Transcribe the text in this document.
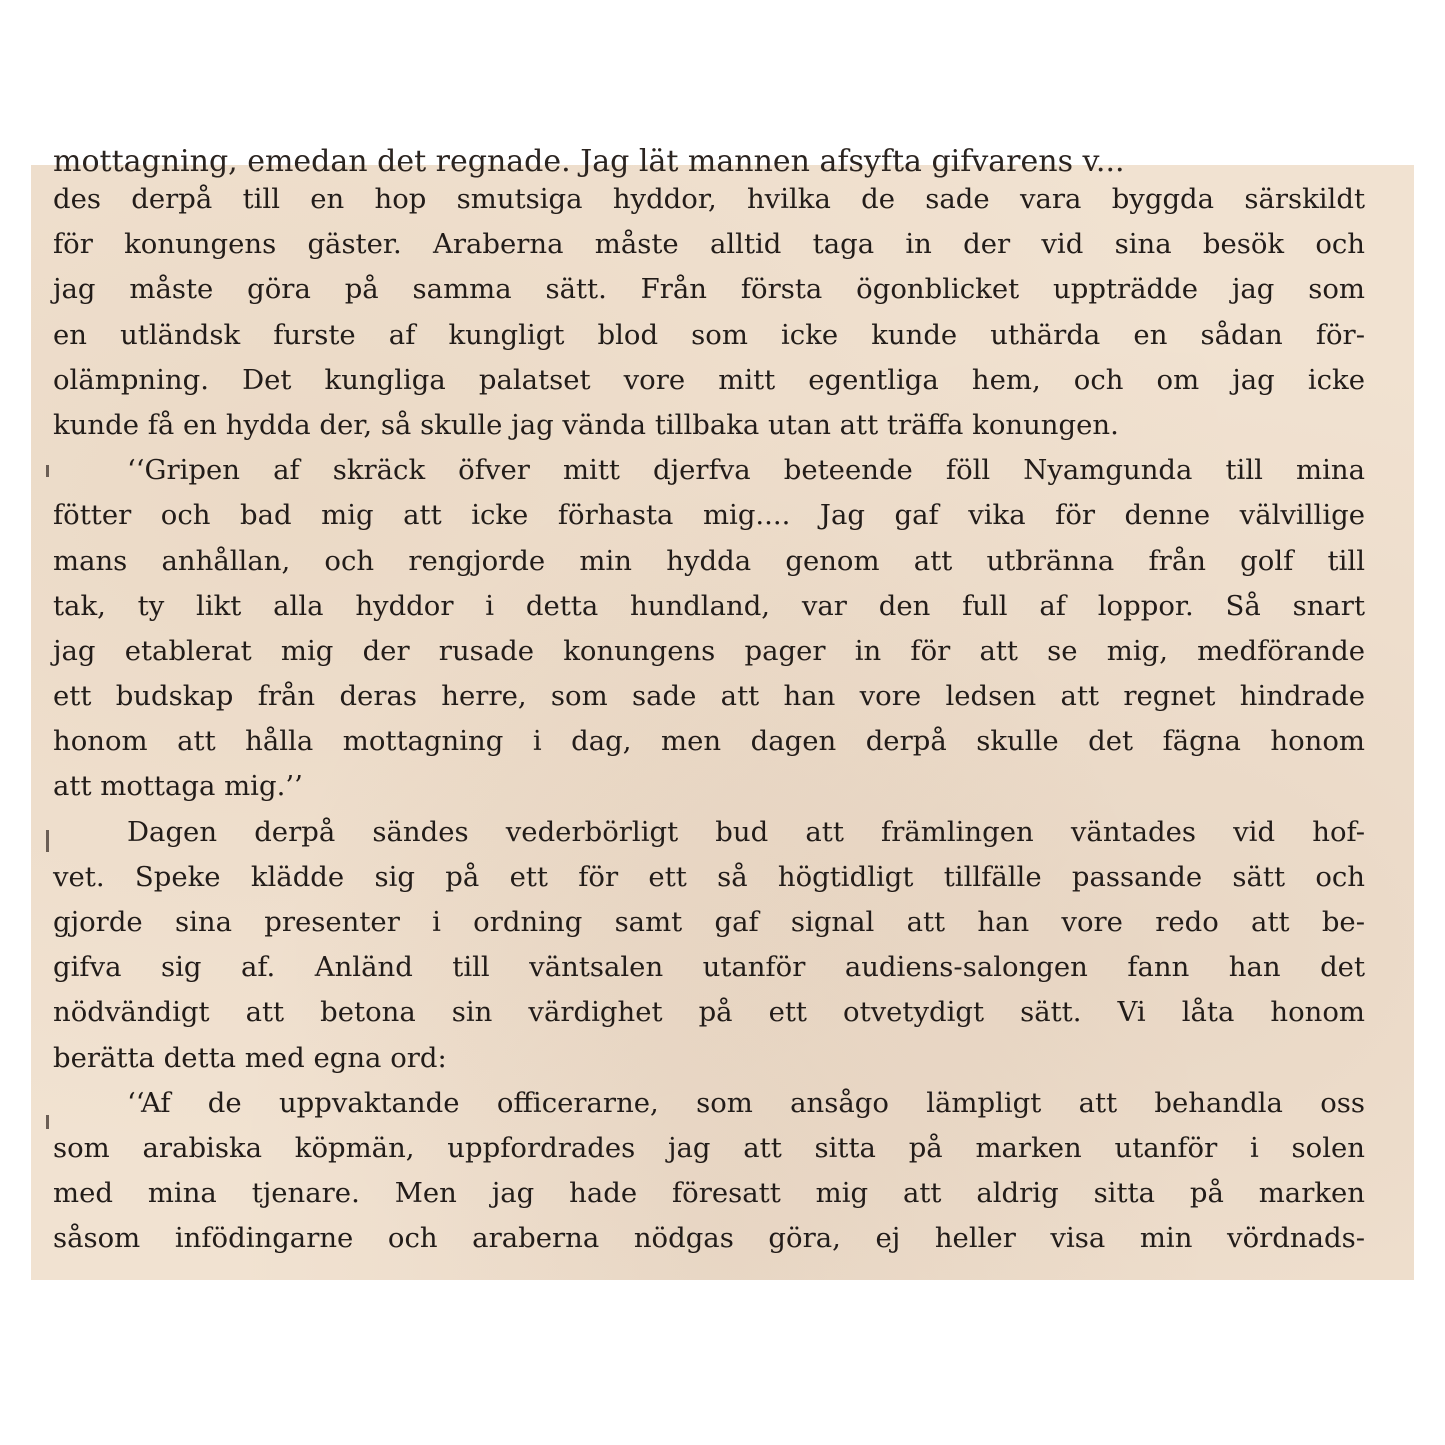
mottagning, emedan det regnade. Jag lät mannen afsyfta gifvarens v...
des derpå till en hop smutsiga hyddor, hvilka de sade vara byggda särskildt
för konungens gäster. Araberna måste alltid taga in der vid sina besök och
jag måste göra på samma sätt. Från första ögonblicket uppträdde jag som
en utländsk furste af kungligt blod som icke kunde uthärda en sådan för-
olämpning. Det kungliga palatset vore mitt egentliga hem, och om jag icke
kunde få en hydda der, så skulle jag vända tillbaka utan att träffa konungen.
‘‘Gripen af skräck öfver mitt djerfva beteende föll Nyamgunda till mina
fötter och bad mig att icke förhasta mig.... Jag gaf vika för denne välvillige
mans anhållan, och rengjorde min hydda genom att utbränna från golf till
tak, ty likt alla hyddor i detta hundland, var den full af loppor. Så snart
jag etablerat mig der rusade konungens pager in för att se mig, medförande
ett budskap från deras herre, som sade att han vore ledsen att regnet hindrade
honom att hålla mottagning i dag, men dagen derpå skulle det fägna honom
att mottaga mig.’’
Dagen derpå sändes vederbörligt bud att främlingen väntades vid hof-
vet. Speke klädde sig på ett för ett så högtidligt tillfälle passande sätt och
gjorde sina presenter i ordning samt gaf signal att han vore redo att be-
gifva sig af. Anländ till väntsalen utanför audiens-salongen fann han det
nödvändigt att betona sin värdighet på ett otvetydigt sätt. Vi låta honom
berätta detta med egna ord:
‘‘Af de uppvaktande officerarne, som ansågo lämpligt att behandla oss
som arabiska köpmän, uppfordrades jag att sitta på marken utanför i solen
med mina tjenare. Men jag hade föresatt mig att aldrig sitta på marken
såsom infödingarne och araberna nödgas göra, ej heller visa min vördnads-
